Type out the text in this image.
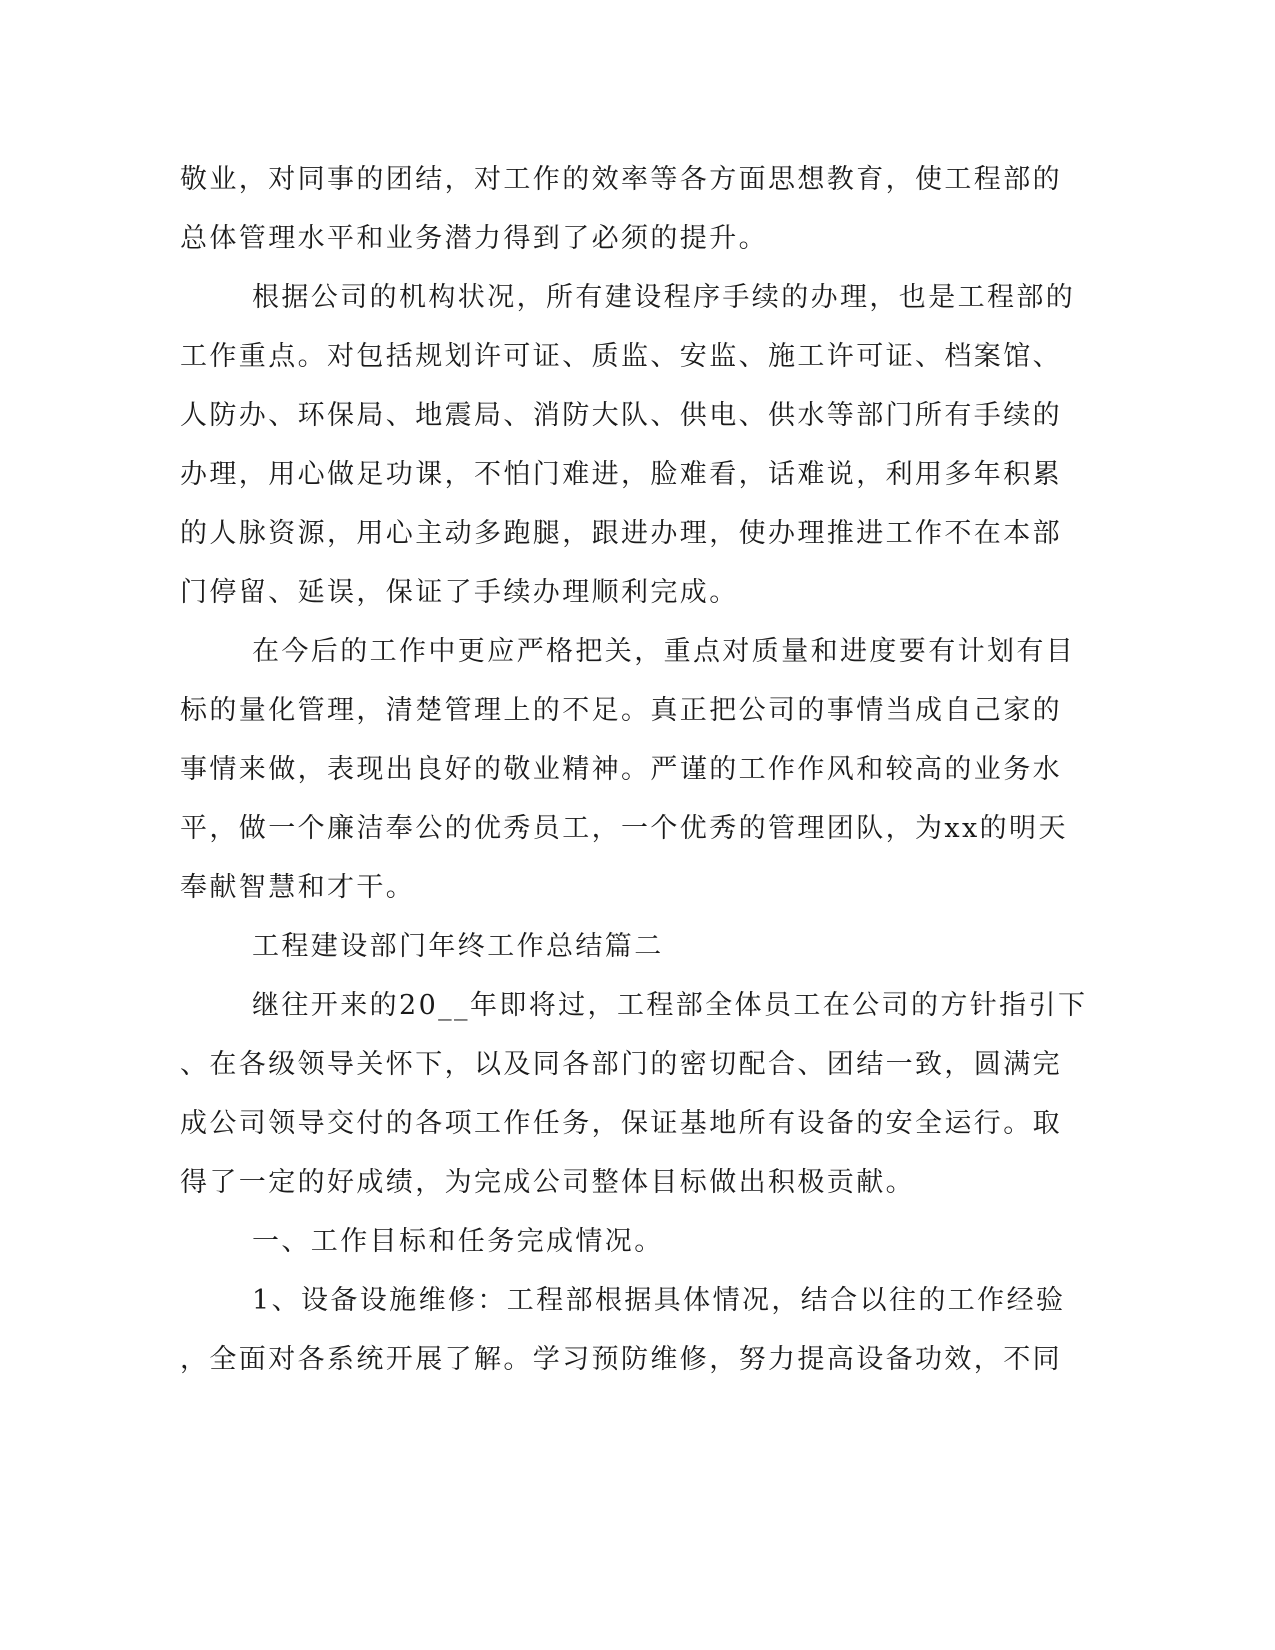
敬业，对同事的团结，对工作的效率等各方面思想教育，使工程部的
总体管理水平和业务潜力得到了必须的提升。
根据公司的机构状况，所有建设程序手续的办理，也是工程部的
工作重点。对包括规划许可证、质监、安监、施工许可证、档案馆、
人防办、环保局、地震局、消防大队、供电、供水等部门所有手续的
办理，用心做足功课，不怕门难进，脸难看，话难说，利用多年积累
的人脉资源，用心主动多跑腿，跟进办理，使办理推进工作不在本部
门停留、延误，保证了手续办理顺利完成。
在今后的工作中更应严格把关，重点对质量和进度要有计划有目
标的量化管理，清楚管理上的不足。真正把公司的事情当成自己家的
事情来做，表现出良好的敬业精神。严谨的工作作风和较高的业务水
平，做一个廉洁奉公的优秀员工，一个优秀的管理团队，为xx的明天
奉献智慧和才干。
工程建设部门年终工作总结篇二
继往开来的20__年即将过，工程部全体员工在公司的方针指引下
、在各级领导关怀下，以及同各部门的密切配合、团结一致，圆满完
成公司领导交付的各项工作任务，保证基地所有设备的安全运行。取
得了一定的好成绩，为完成公司整体目标做出积极贡献。
一、工作目标和任务完成情况。
1、设备设施维修：工程部根据具体情况，结合以往的工作经验
，全面对各系统开展了解。学习预防维修，努力提高设备功效，不同
